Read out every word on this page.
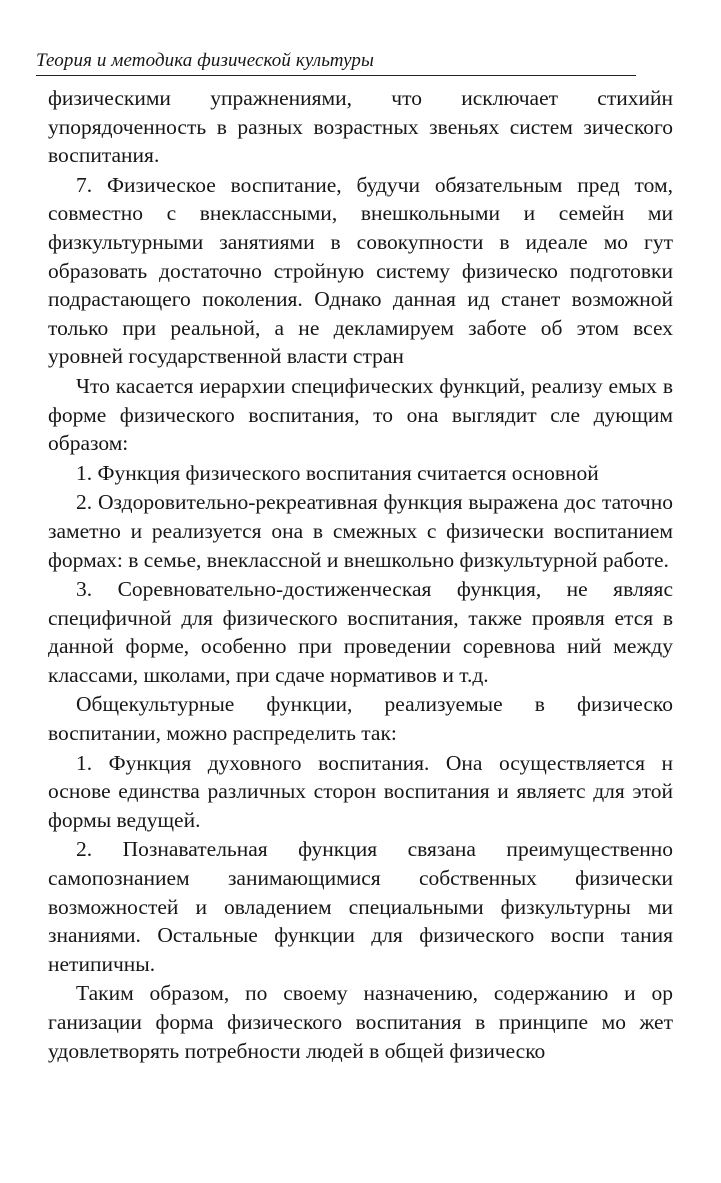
Теория и методика физической культуры

физическими упражнениями, что исключает стихийн упорядоченность в разных возрастных звеньях систем зического воспитания.

7. Физическое воспитание, будучи обязательным пред том, совместно с внеклассными, внешкольными и семейн ми физкультурными занятиями в совокупности в идеале мо гут образовать достаточно стройную систему физическо подготовки подрастающего поколения. Однако данная ид станет возможной только при реальной, а не декламируем заботе об этом всех уровней государственной власти стран

Что касается иерархии специфических функций, реализу емых в форме физического воспитания, то она выглядит сле дующим образом:

1. Функция физического воспитания считается основной

2. Оздоровительно-рекреативная функция выражена дос таточно заметно и реализуется она в смежных с физически воспитанием формах: в семье, внеклассной и внешкольно физкультурной работе.

3. Соревновательно-достиженческая функция, не являяс специфичной для физического воспитания, также проявля ется в данной форме, особенно при проведении соревнова ний между классами, школами, при сдаче нормативов и т.д.

Общекультурные функции, реализуемые в физическо воспитании, можно распределить так:

1. Функция духовного воспитания. Она осуществляется н основе единства различных сторон воспитания и являетс для этой формы ведущей.

2. Познавательная функция связана преимущественно самопознанием занимающимися собственных физически возможностей и овладением специальными физкультурны ми знаниями. Остальные функции для физического воспи тания нетипичны.

Таким образом, по своему назначению, содержанию и ор ганизации форма физического воспитания в принципе мо жет удовлетворять потребности людей в общей физическо
